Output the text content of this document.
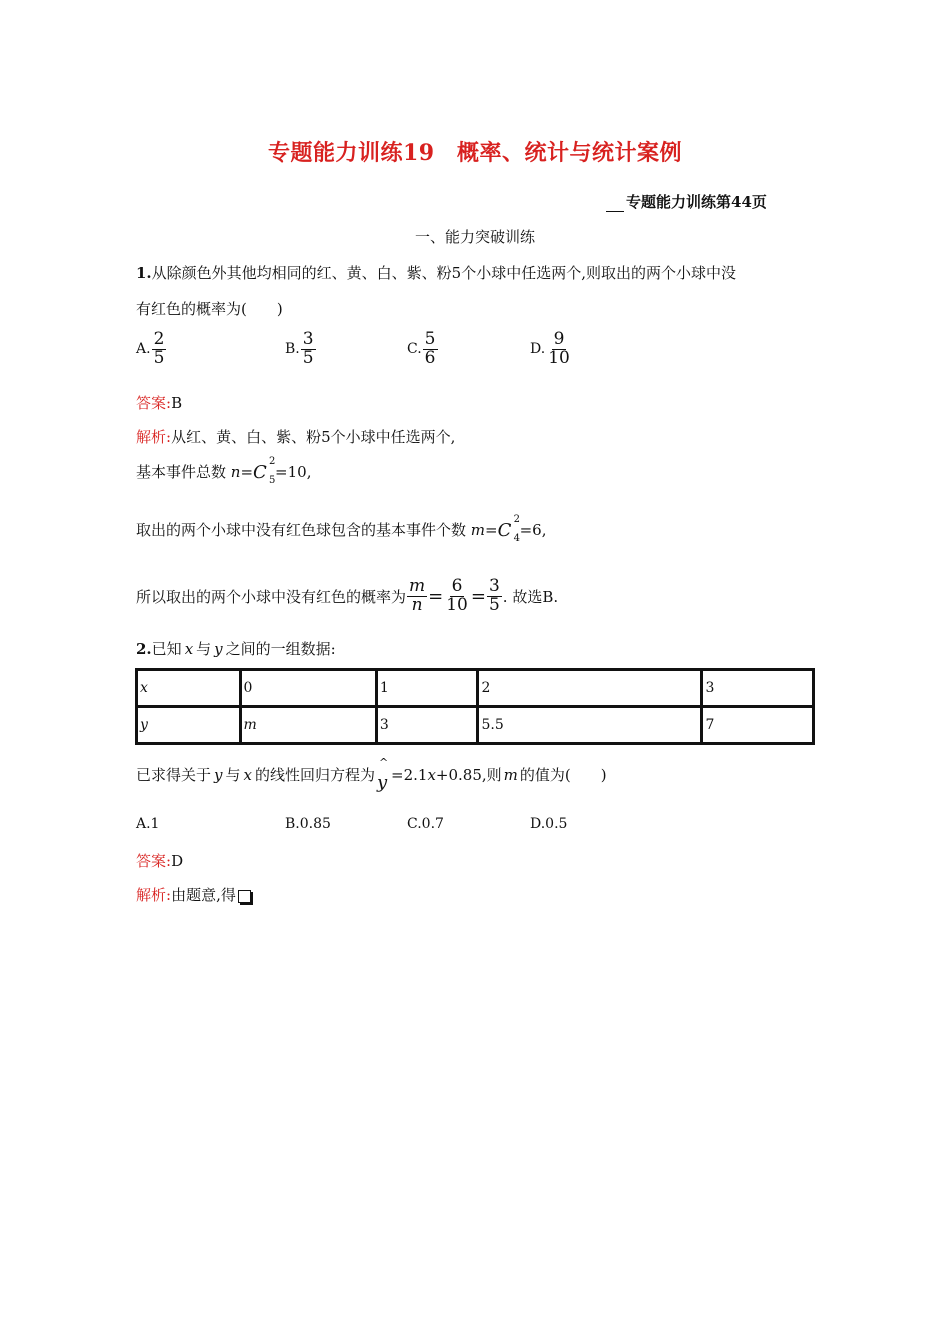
专题能力训练19　概率、统计与统计案例
专题能力训练第44页
一、能力突破训练
1.从除颜色外其他均相同的红、黄、白、紫、粉5个小球中任选两个,则取出的两个小球中没
有红色的概率为(　　)
A. $\frac{2}{5}$	B. $\frac{3}{5}$	C. $\frac{5}{6}$	D. $\frac{9}{10}$
答案:B
解析:从红、黄、白、紫、粉5个小球中任选两个,
基本事件总数 n= C
2
5 =10,
取出的两个小球中没有红色球包含的基本事件个数 m= C
2
4 =6,
所以取出的两个小球中没有红色的概率为 $\frac{m}{n} = \frac{6}{10} = \frac{3}{5}$ . 故选B.
2.已知 x 与 y 之间的一组数据:
x	0	1	2	3
y	m	3	5.5	7
已求得关于 y 与 x 的线性回归方程为
^
y =2.1x+0.85,则 m 的值为(　　)
A.1	B.0.85	C.0.7	D.0.5
答案:D
解析:由题意,得
